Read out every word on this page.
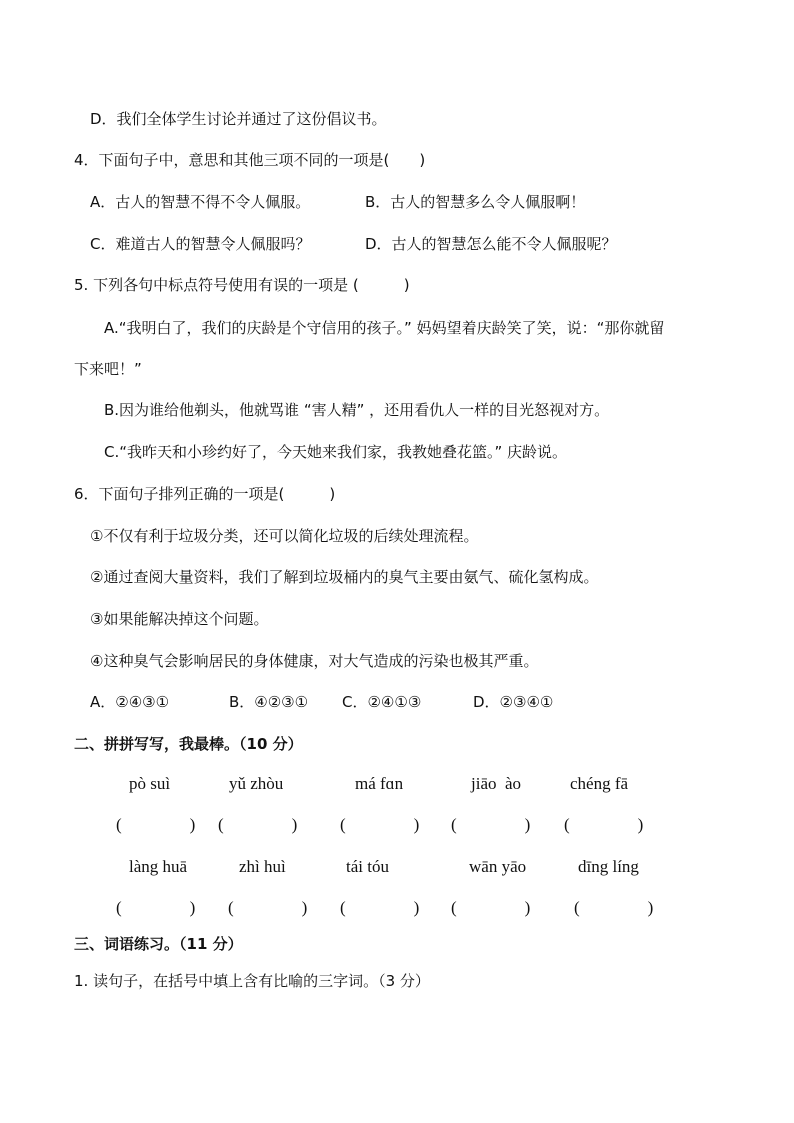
D．我们全体学生讨论并通过了这份倡议书。
4．下面句子中，意思和其他三项不同的一项是(　　)
A．古人的智慧不得不令人佩服。	B．古人的智慧多么令人佩服啊！
C．难道古人的智慧令人佩服吗？	D．古人的智慧怎么能不令人佩服呢？
5. 下列各句中标点符号使用有误的一项是 (　　　)
A.“我明白了，我们的庆龄是个守信用的孩子。” 妈妈望着庆龄笑了笑，说：“那你就留
下来吧！”
B.因为谁给他剃头，他就骂谁 “害人精” ，还用看仇人一样的目光怒视对方。
C.“我昨天和小珍约好了，今天她来我们家，我教她叠花篮。” 庆龄说。
6．下面句子排列正确的一项是(　　　)
①不仅有利于垃圾分类，还可以简化垃圾的后续处理流程。
②通过查阅大量资料，我们了解到垃圾桶内的臭气主要由氨气、硫化氢构成。
③如果能解决掉这个问题。
④这种臭气会影响居民的身体健康，对大气造成的污染也极其严重。
A．②④③①	B．④②③① C．②④①③	D．②③④①
二、拼拼写写，我最棒。（10 分）
pò suì	yǔ zhòu	má fɑn	jiāo  ào	chéng fā
(　　　　) (　　　　)	(　　　　) (　　　　) (　　　　)
làng huā	zhì huì	tái tóu	wān yāo	dīng líng
(　　　　) (　　　　) (　　　　) (　　　　)	(　　　　)
三、词语练习。（11 分）
1. 读句子，在括号中填上含有比喻的三字词。（3 分）
